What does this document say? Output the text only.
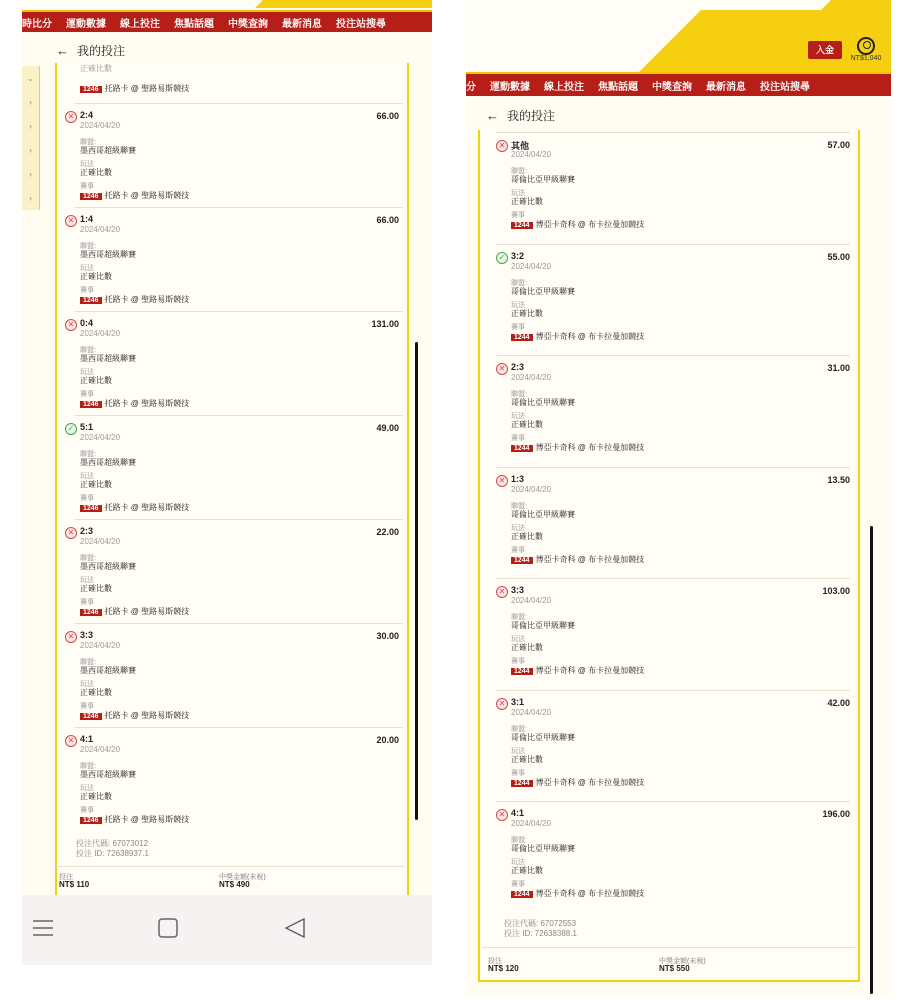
時比分 運動數據 線上投注 焦點話題 中獎查詢 最新消息 投注站搜尋
← 我的投注
⌄
›
›
›
›
›
正確比數
1246 托路卡 @ 聖路易斯競技
✕ 2:4
2024/04/20
66.00
聯盟:
墨西哥超級聯賽
玩法
正確比數
賽事
1246 托路卡 @ 聖路易斯競技
✕ 1:4
2024/04/20
66.00
聯盟:
墨西哥超級聯賽
玩法
正確比數
賽事
1246 托路卡 @ 聖路易斯競技
✕ 0:4
2024/04/20
131.00
聯盟:
墨西哥超級聯賽
玩法
正確比數
賽事
1246 托路卡 @ 聖路易斯競技
✓ 5:1
2024/04/20
49.00
聯盟:
墨西哥超級聯賽
玩法
正確比數
賽事
1246 托路卡 @ 聖路易斯競技
✕ 2:3
2024/04/20
22.00
聯盟:
墨西哥超級聯賽
玩法
正確比數
賽事
1246 托路卡 @ 聖路易斯競技
✕ 3:3
2024/04/20
30.00
聯盟:
墨西哥超級聯賽
玩法
正確比數
賽事
1246 托路卡 @ 聖路易斯競技
✕ 4:1
2024/04/20
20.00
聯盟:
墨西哥超級聯賽
玩法
正確比數
賽事
1246 托路卡 @ 聖路易斯競技
投注代碼: 67073012
投注 ID: 72638937.1
投注
NT$ 110
中獎金額(未稅)
NT$ 490
入金
NT$1,040
分 運動數據 線上投注 焦點話題 中獎查詢 最新消息 投注站搜尋
← 我的投注
✕ 其他
2024/04/20
57.00
聯盟:
哥倫比亞甲級聯賽
玩法
正確比數
賽事
1244 博亞卡奇科 @ 布卡拉曼加競技
✓ 3:2
2024/04/20
55.00
聯盟:
哥倫比亞甲級聯賽
玩法
正確比數
賽事
1244 博亞卡奇科 @ 布卡拉曼加競技
✕ 2:3
2024/04/20
31.00
聯盟:
哥倫比亞甲級聯賽
玩法
正確比數
賽事
1244 博亞卡奇科 @ 布卡拉曼加競技
✕ 1:3
2024/04/20
13.50
聯盟:
哥倫比亞甲級聯賽
玩法
正確比數
賽事
1244 博亞卡奇科 @ 布卡拉曼加競技
✕ 3:3
2024/04/20
103.00
聯盟:
哥倫比亞甲級聯賽
玩法
正確比數
賽事
1244 博亞卡奇科 @ 布卡拉曼加競技
✕ 3:1
2024/04/20
42.00
聯盟:
哥倫比亞甲級聯賽
玩法
正確比數
賽事
1244 博亞卡奇科 @ 布卡拉曼加競技
✕ 4:1
2024/04/20
196.00
聯盟:
哥倫比亞甲級聯賽
玩法
正確比數
賽事
1244 博亞卡奇科 @ 布卡拉曼加競技
投注代碼: 67072553
投注 ID: 72638388.1
投注
NT$ 120
中獎金額(未稅)
NT$ 550
